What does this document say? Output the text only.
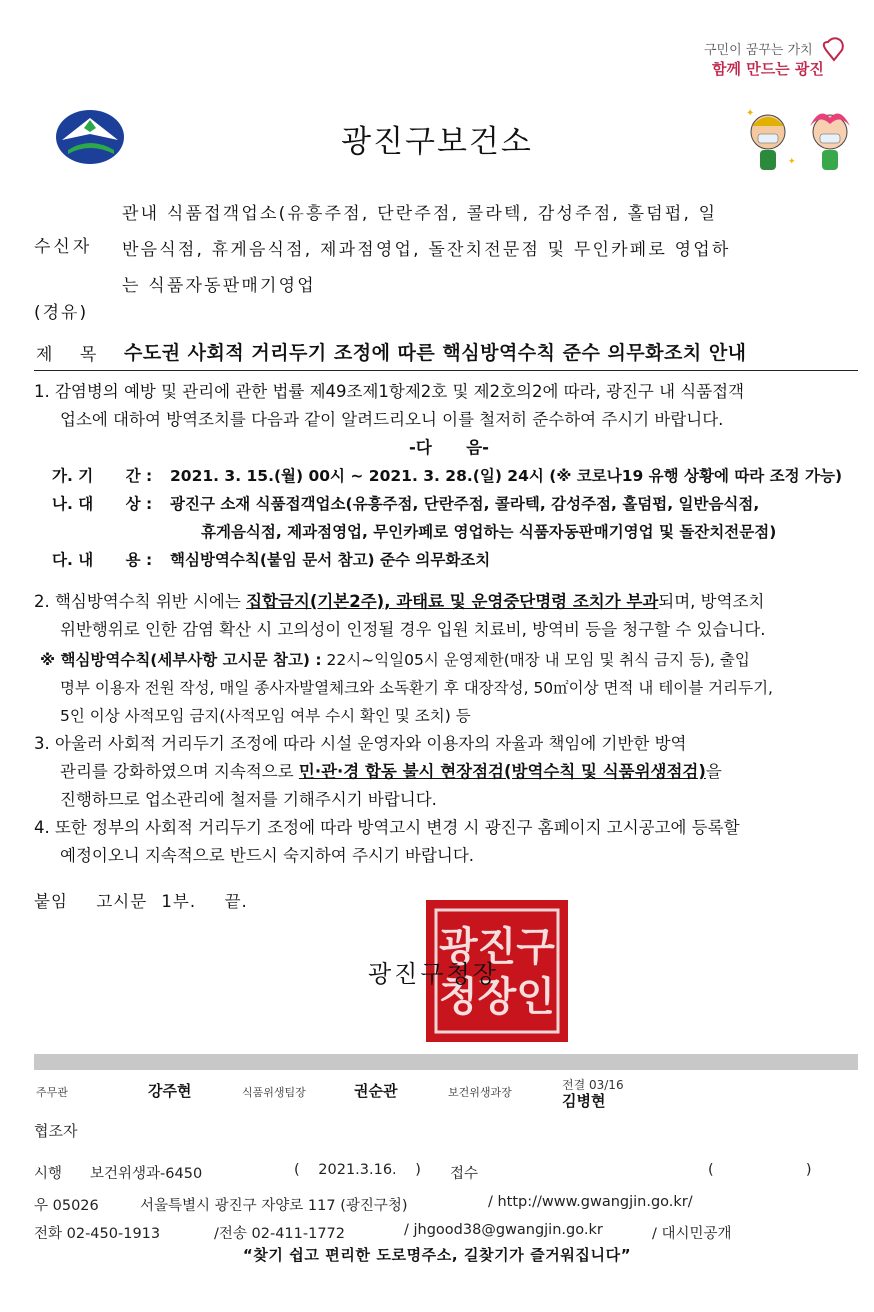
구민이 꿈꾸는 가치
함께 만드는 광진
광진구보건소
✦
✦
수신자
관내 식품접객업소(유흥주점, 단란주점, 콜라텍, 감성주점, 홀덤펍, 일
반음식점, 휴게음식점, 제과점영업, 돌잔치전문점 및 무인카페로 영업하
는 식품자동판매기영업
(경유)
제 목 수도권 사회적 거리두기 조정에 따른 핵심방역수칙 준수 의무화조치 안내
1. 감염병의 예방 및 관리에 관한 법률 제49조제1항제2호 및 제2호의2에 따라, 광진구 내 식품접객
업소에 대하여 방역조치를 다음과 같이 알려드리오니 이를 철저히 준수하여 주시기 바랍니다.
-다      음-
가. 기      간 : 2021. 3. 15.(월) 00시 ~ 2021. 3. 28.(일) 24시 (※ 코로나19 유행 상황에 따라 조정 가능)
나. 대      상 : 광진구 소재 식품접객업소(유흥주점, 단란주점, 콜라텍, 감성주점, 홀덤펍, 일반음식점,
휴게음식점, 제과점영업, 무인카페로 영업하는 식품자동판매기영업 및 돌잔치전문점)
다. 내      용 : 핵심방역수칙(붙임 문서 참고) 준수 의무화조치
2. 핵심방역수칙 위반 시에는 집합금지(기본2주), 과태료 및 운영중단명령 조치가 부과되며, 방역조치
위반행위로 인한 감염 확산 시 고의성이 인정될 경우 입원 치료비, 방역비 등을 청구할 수 있습니다.
※ 핵심방역수칙(세부사항 고시문 참고) : 22시~익일05시 운영제한(매장 내 모임 및 취식 금지 등), 출입
명부 이용자 전원 작성, 매일 종사자발열체크와 소독환기 후 대장작성, 50㎡이상 면적 내 테이블 거리두기,
5인 이상 사적모임 금지(사적모임 여부 수시 확인 및 조치) 등
3. 아울러 사회적 거리두기 조정에 따라 시설 운영자와 이용자의 자율과 책임에 기반한 방역
관리를 강화하였으며 지속적으로 민·관·경 합동 불시 현장점검(방역수칙 및 식품위생점검)을
진행하므로 업소관리에 철저를 기해주시기 바랍니다.
4. 또한 정부의 사회적 거리두기 조정에 따라 방역고시 변경 시 광진구 홈페이지 고시공고에 등록할
예정이오니 지속적으로 반드시 숙지하여 주시기 바랍니다.
붙임  고시문 1부.  끝.
광진구
청장인
광진구청장
주무관	강주현	식품위생팀장	권순관	보건위생과장
전결 03/16
김병현
협조자
시행 보건위생과-6450	( 2021.3.16. ) 접수	(                    )
우 05026	서울특별시 광진구 자양로 117 (광진구청)	/ http://www.gwangjin.go.kr/
전화 02-450-1913	/전송 02-411-1772	/ jhgood38@gwangjin.go.kr	/ 대시민공개
“찾기 쉽고 편리한 도로명주소, 길찾기가 즐거워집니다”
